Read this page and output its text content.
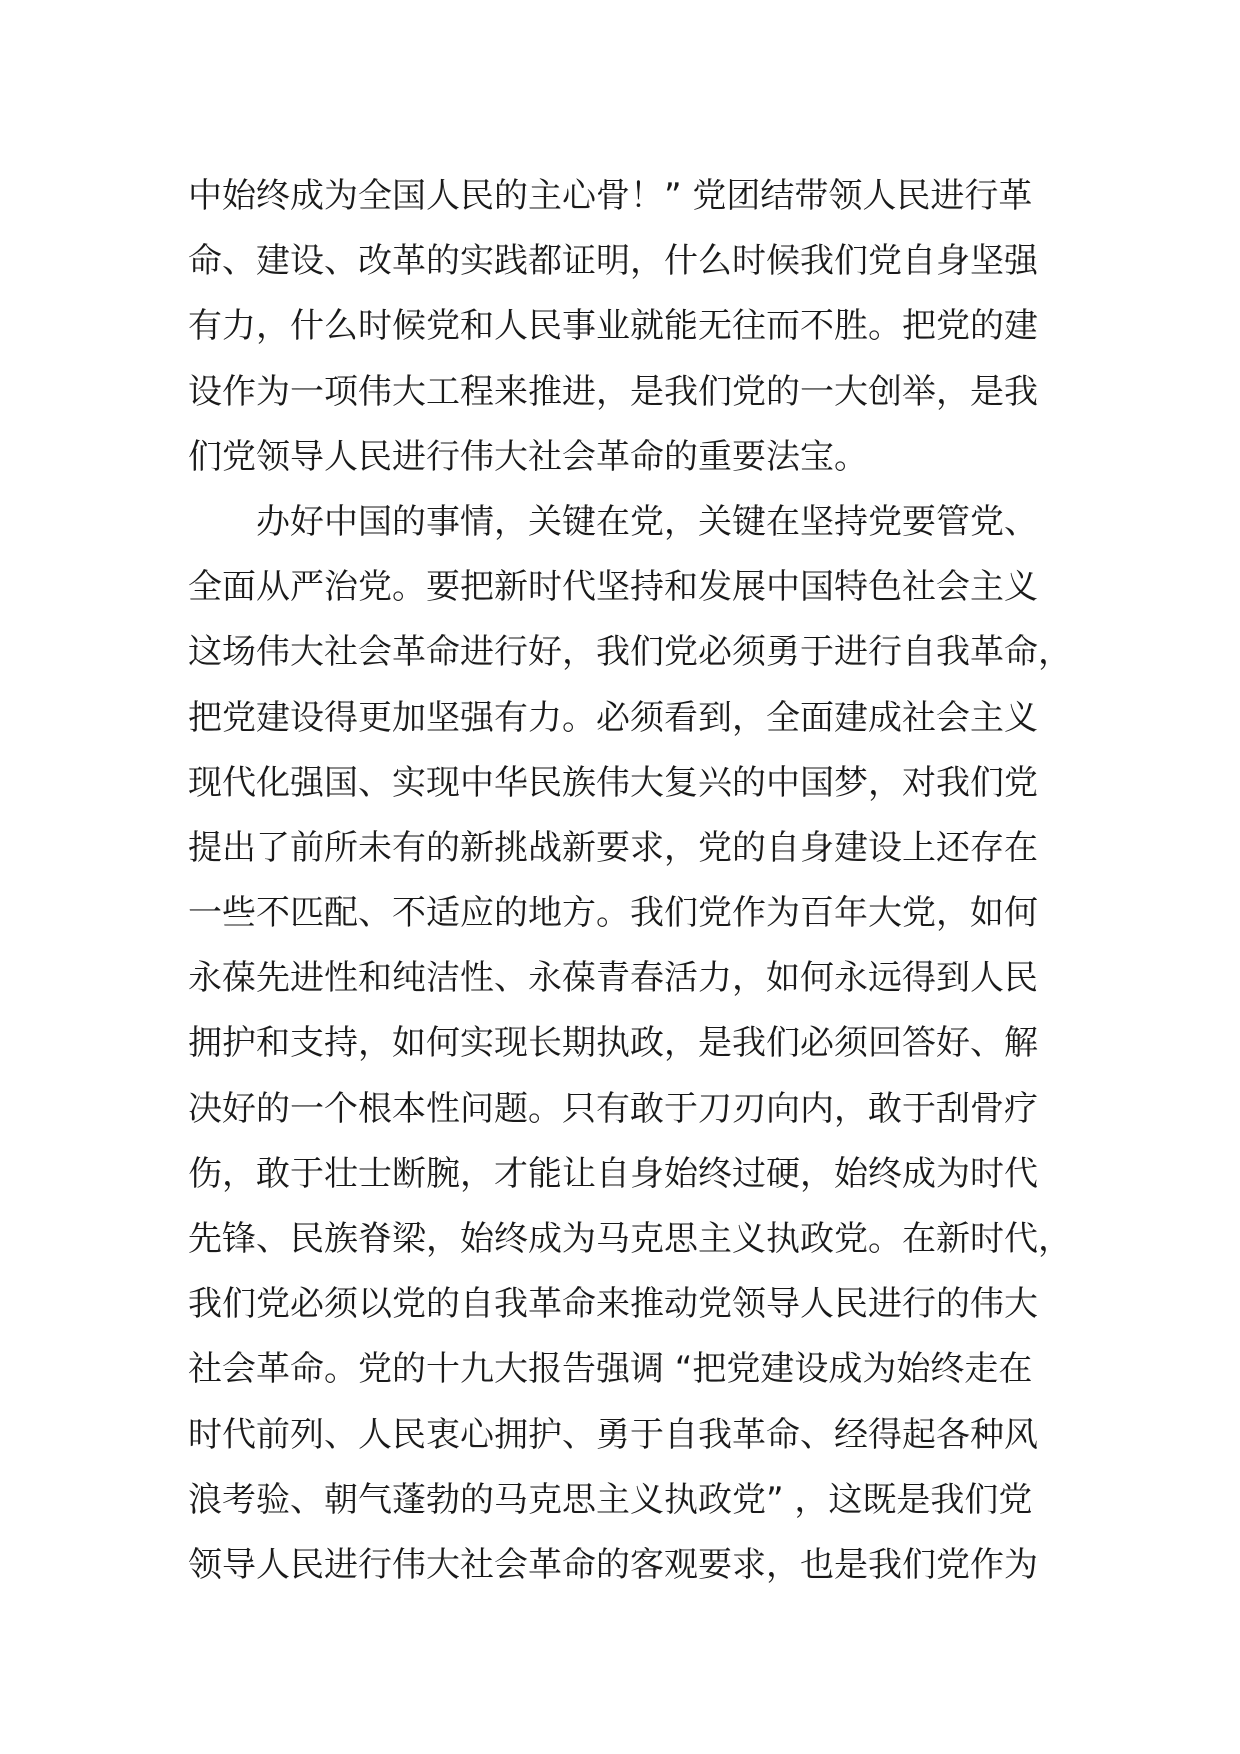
中始终成为全国人民的主心骨！” 党团结带领人民进行革
命、建设、改革的实践都证明，什么时候我们党自身坚强
有力，什么时候党和人民事业就能无往而不胜。把党的建
设作为一项伟大工程来推进，是我们党的一大创举，是我
们党领导人民进行伟大社会革命的重要法宝。
　　办好中国的事情，关键在党，关键在坚持党要管党、
全面从严治党。要把新时代坚持和发展中国特色社会主义
这场伟大社会革命进行好，我们党必须勇于进行自我革命，
把党建设得更加坚强有力。必须看到，全面建成社会主义
现代化强国、实现中华民族伟大复兴的中国梦，对我们党
提出了前所未有的新挑战新要求，党的自身建设上还存在
一些不匹配、不适应的地方。我们党作为百年大党，如何
永葆先进性和纯洁性、永葆青春活力，如何永远得到人民
拥护和支持，如何实现长期执政，是我们必须回答好、解
决好的一个根本性问题。只有敢于刀刃向内，敢于刮骨疗
伤，敢于壮士断腕，才能让自身始终过硬，始终成为时代
先锋、民族脊梁，始终成为马克思主义执政党。在新时代，
我们党必须以党的自我革命来推动党领导人民进行的伟大
社会革命。党的十九大报告强调 “把党建设成为始终走在
时代前列、人民衷心拥护、勇于自我革命、经得起各种风
浪考验、朝气蓬勃的马克思主义执政党” ，这既是我们党
领导人民进行伟大社会革命的客观要求，也是我们党作为
